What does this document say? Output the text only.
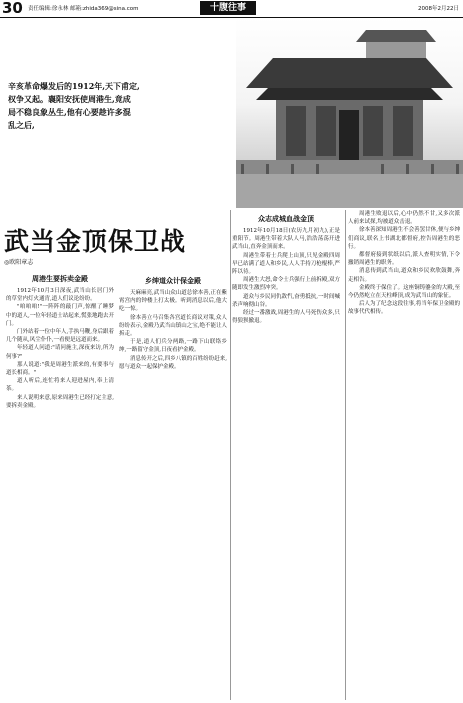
30 责任编辑:徐永林 邮箱:zhida369@sina.com	十腹往事	2008年2月22日
辛亥革命爆发后的1912年,天下甫定,
权争又起。襄阳安抚使周港生,竟成
局不稳良象丛生,他有心要趁许多混
乱之后,
武当金顶保卫战
◎欧阳章志
周港生要拆卖金殿

1912年10月3日深夜,武当山长居门外的草堂内灯火通宵,道人们议论纷纷。

"咱咱咱!"一阵阵的敲门声,惊醒了睡梦中的道人,一位年轻道士站起来,慌张地跑去开门。

门外站着一位中年人,手执马鞭,身后跟着几个随从,风尘仆仆,一看便是远道而来。

年轻道人问道:"请问施主,深夜来访,所为何事?"

那人说道:"我是周港生派来的,有要事与道长相商。"

道人听后,连忙将来人迎进屋内,奉上清茶。

来人说明来意,原来周港生已经打定主意,要拆卖金殿。

乡绅道众计保金殿

天麻麻亮,武当山众山道总徐本善,正在紫霄宫内的钟楼上打太极。听到消息以后,他大吃一惊。

徐本善立马召集各宫道长商议对策,众人纷纷表示,金殿乃武当山镇山之宝,绝不能让人拆走。

于是,道人们兵分两路,一路下山联络乡绅,一路留守金顶,日夜看护金殿。

消息传开之后,四乡八镇的百姓纷纷赶来,愿与道众一起保护金殿。

众志成城血战金顶

1912年10月18日(农历九月初九),正是重阳节。周港生带着大队人马,浩浩荡荡开进武当山,直奔金顶而来。

周港生带着士兵爬上山顶,只见金殿四周早已站满了道人和乡民,人人手持刀枪棍棒,严阵以待。

周港生大怒,命令士兵强行上前拆殿,双方随即发生激烈冲突。

道众与乡民同仇敌忾,奋勇抵抗,一时间喊杀声响彻山谷。

经过一番激战,周港生的人马死伤众多,只得狼狈撤退。

周港生败退以后,心中仍然不甘,又多次派人前来试探,均被道众击退。

徐本善深知周港生不会善罢甘休,便与乡绅们商议,联名上书湖北都督府,控告周港生的恶行。

都督府接到状纸以后,派人查明实情,下令撤销周港生的职务。

消息传到武当山,道众和乡民欢欣鼓舞,奔走相告。

金殿终于保住了。这座铜铸鎏金的大殿,至今仍然屹立在天柱峰顶,成为武当山的象征。

后人为了纪念这段往事,将当年保卫金殿的故事代代相传。
